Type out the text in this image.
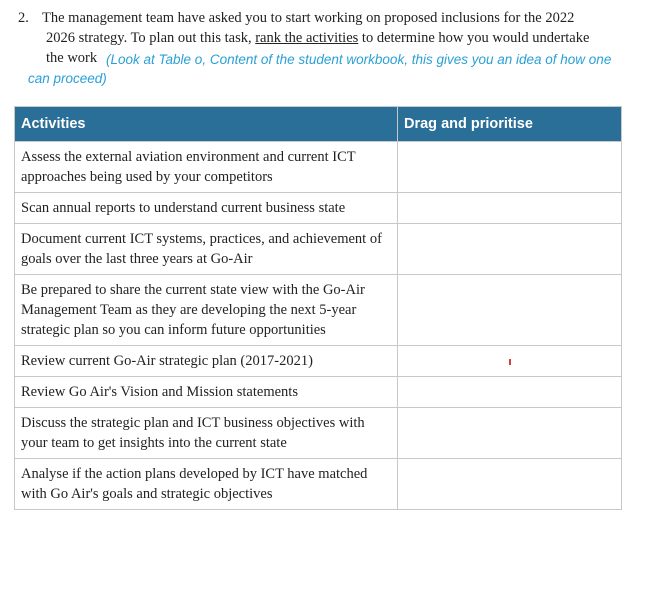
2. The management team have asked you to start working on proposed inclusions for the 2022
2026 strategy. To plan out this task, rank the activities to determine how you would undertake
the work (Look at Table o, Content of the student workbook, this gives you an idea of how one
can proceed)
Activities	Drag and prioritise
Assess the external aviation environment and current ICT approaches being used by your competitors	
Scan annual reports to understand current business state	
Document current ICT systems, practices, and achievement of goals over the last three years at Go-Air	
Be prepared to share the current state view with the Go-Air Management Team as they are developing the next 5-year strategic plan so you can inform future opportunities	
Review current Go-Air strategic plan (2017-2021)	
Review Go Air's Vision and Mission statements	
Discuss the strategic plan and ICT business objectives with your team to get insights into the current state	
Analyse if the action plans developed by ICT have matched with Go Air's goals and strategic objectives	
